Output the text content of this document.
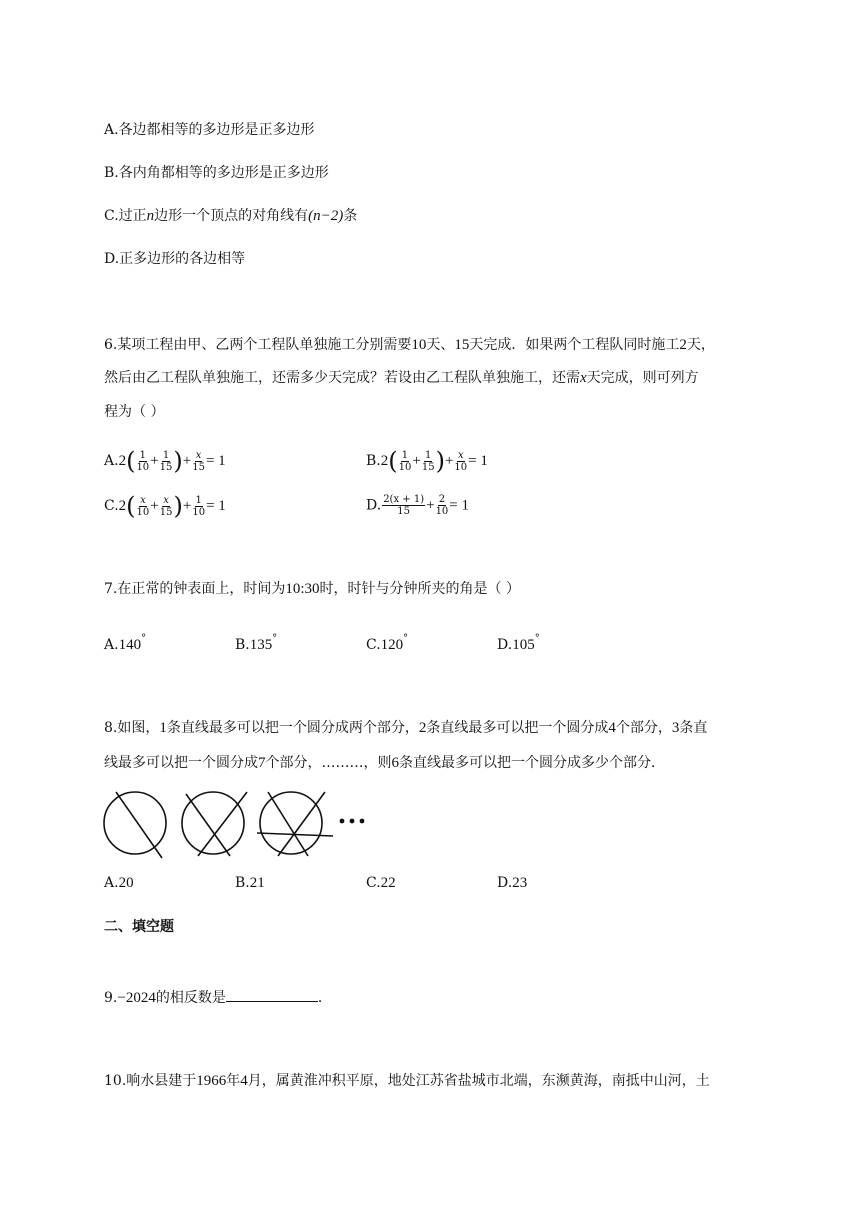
A.各边都相等的多边形是正多边形
B.各内角都相等的多边形是正多边形
C.过正n边形一个顶点的对角线有(n−2)条
D.正多边形的各边相等
6.某项工程由甲、乙两个工程队单独施工分别需要10天、15天完成．如果两个工程队同时施工2天，
然后由乙工程队单独施工，还需多少天完成？若设由乙工程队单独施工，还需x天完成，则可列方
程为（ ）
$A.2( \frac{1}{10} + \frac{1}{15}$ )+ $\frac{x}{15} = 1$	$B.2( \frac{1}{10} + \frac{1}{15}$ )+ $\frac{x}{10} = 1$
$C.2( \frac{x}{10} + \frac{x}{15}$ )+ $\frac{1}{10} = 1$	D. $\frac{2(x + 1)}{15} + \frac{2}{10} = 1$
7.在正常的钟表面上，时间为10:30时，时针与分钟所夹的角是（ ）
A.140°	B.135°	C.120°	D.105°
8.如图，1条直线最多可以把一个圆分成两个部分，2条直线最多可以把一个圆分成4个部分，3条直
线最多可以把一个圆分成7个部分，………，则6条直线最多可以把一个圆分成多少个部分．
A.20	B.21	C.22	D.23
二、填空题
9.−2024的相反数是	．
10.响水县建于1966年4月，属黄淮冲积平原，地处江苏省盐城市北端，东濒黄海，南抵中山河，土
